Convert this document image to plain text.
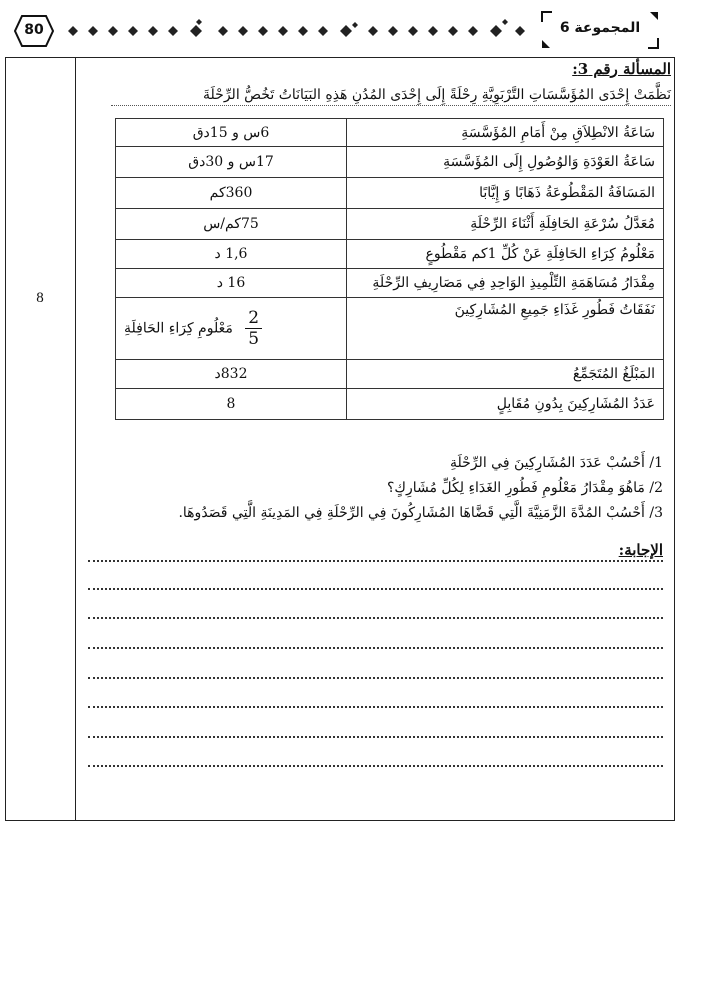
80	المجموعة 6
8
المسألة رقم 3:
نَظَّمَتْ إِحْدَى المُؤَسَّسَاتِ التَّرْبَوِيَّةِ رِحْلَةً إِلَى إِحْدَى المُدُنِ هَذِهِ البَيَانَاتُ تَخُصُّ الرِّحْلَةَ
سَاعَةُ الانْطِلاَقِ مِنْ أَمَامِ المُؤَسَّسَةِ	6س و 15دق
سَاعَةُ العَوْدَةِ وَالوُصُولِ إِلَى المُؤَسَّسَةِ	17س و 30دق
المَسَافَةُ المَقْطُوعَةُ ذَهَابًا وَ إِيَّابًا	360كم
مُعَدَّلُ سُرْعَةِ الحَافِلَةِ أَثْنَاءَ الرِّحْلَةِ	75كم/س
مَعْلُومُ كِرَاءِ الحَافِلَةِ عَنْ كُلِّ 1كم مَقْطُوعٍ	1,6 د
مِقْدَارُ مُسَاهَمَةِ التِّلْمِيذِ الوَاحِدِ فِي مَصَارِيفِ الرِّحْلَةِ	16 د
نَفَقَاتُ فَطُورِ غَذَاءِ جَمِيعِ المُشَارِكِينَ	$\frac{2}{5}$
مَعْلُومِ كِرَاءِ الحَافِلَةِ
المَبْلَغُ المُتَجَمِّعُ	832د
عَدَدُ المُشَارِكِينَ بِدُونِ مُقَابِلٍ	8
1/ أَحْسُبْ عَدَدَ المُشَارِكِينَ فِي الرِّحْلَةِ
2/ مَاهُوَ مِقْدَارُ مَعْلُومِ فَطُورِ الغَدَاءِ لِكُلِّ مُشَارِكٍ؟
3/ أَحْسُبْ المُدَّةَ الزَّمَنِيَّةَ الَّتِي قَضَّاهَا المُشَارِكُونَ فِي الرِّحْلَةِ فِي المَدِينَةِ الَّتِي قَصَدُوهَا.
الإجابة:
